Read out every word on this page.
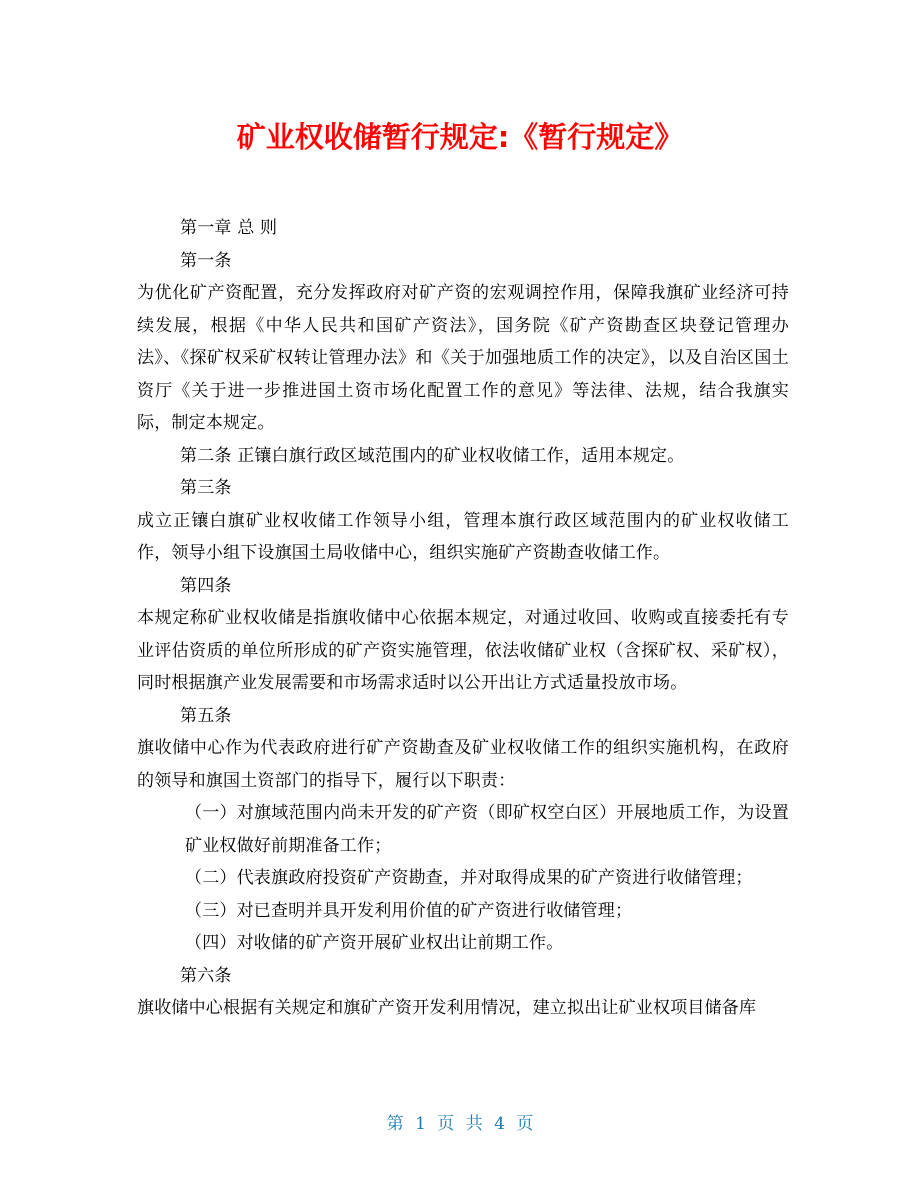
矿业权收储暂行规定:《暂行规定》

第一章 总 则

第一条

为优化矿产资配置，充分发挥政府对矿产资的宏观调控作用，保障我旗矿业经济可持续发展，根据《中华人民共和国矿产资法》，国务院《矿产资勘查区块登记管理办法》、《探矿权采矿权转让管理办法》和《关于加强地质工作的决定》，以及自治区国土资厅《关于进一步推进国土资市场化配置工作的意见》等法律、法规，结合我旗实际，制定本规定。

第二条 正镶白旗行政区域范围内的矿业权收储工作，适用本规定。

第三条

成立正镶白旗矿业权收储工作领导小组，管理本旗行政区域范围内的矿业权收储工作，领导小组下设旗国土局收储中心，组织实施矿产资勘查收储工作。

第四条

本规定称矿业权收储是指旗收储中心依据本规定，对通过收回、收购或直接委托有专业评估资质的单位所形成的矿产资实施管理，依法收储矿业权（含探矿权、采矿权），同时根据旗产业发展需要和市场需求适时以公开出让方式适量投放市场。

第五条

旗收储中心作为代表政府进行矿产资勘查及矿业权收储工作的组织实施机构，在政府的领导和旗国土资部门的指导下，履行以下职责：

（一）对旗域范围内尚未开发的矿产资（即矿权空白区）开展地质工作，为设置矿业权做好前期准备工作；

（二）代表旗政府投资矿产资勘查，并对取得成果的矿产资进行收储管理；

（三）对已查明并具开发利用价值的矿产资进行收储管理；

（四）对收储的矿产资开展矿业权出让前期工作。

第六条

旗收储中心根据有关规定和旗矿产资开发利用情况，建立拟出让矿业权项目储备库

第 1 页 共 4 页
